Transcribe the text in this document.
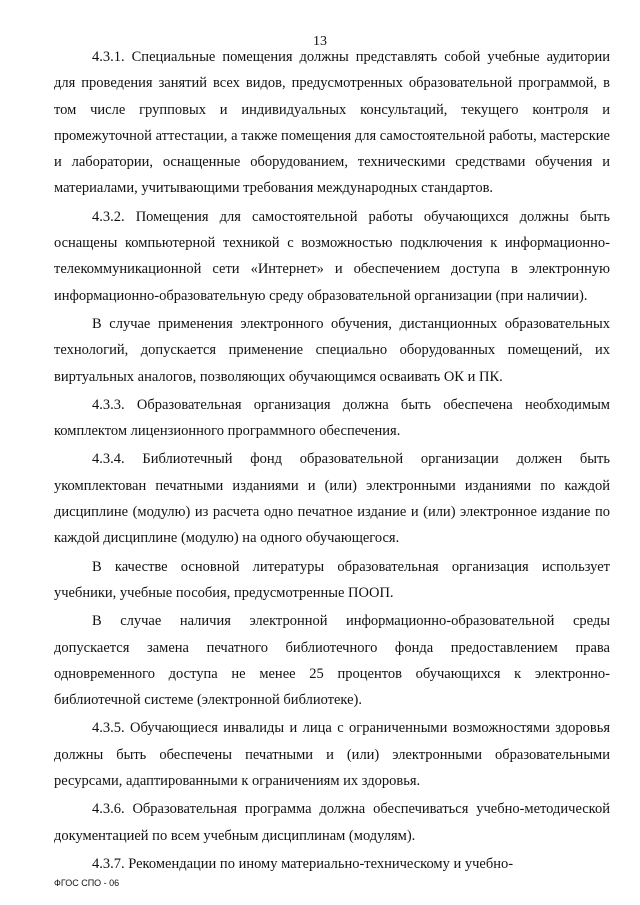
13

4.3.1. Специальные помещения должны представлять собой учебные аудитории для проведения занятий всех видов, предусмотренных образовательной программой, в том числе групповых и индивидуальных консультаций, текущего контроля и промежуточной аттестации, а также помещения для самостоятельной работы, мастерские и лаборатории, оснащенные оборудованием, техническими средствами обучения и материалами, учитывающими требования международных стандартов.

4.3.2. Помещения для самостоятельной работы обучающихся должны быть оснащены компьютерной техникой с возможностью подключения к информационно-телекоммуникационной сети «Интернет» и обеспечением доступа в электронную информационно-образовательную среду образовательной организации (при наличии).

В случае применения электронного обучения, дистанционных образовательных технологий, допускается применение специально оборудованных помещений, их виртуальных аналогов, позволяющих обучающимся осваивать ОК и ПК.

4.3.3. Образовательная организация должна быть обеспечена необходимым комплектом лицензионного программного обеспечения.

4.3.4. Библиотечный фонд образовательной организации должен быть укомплектован печатными изданиями и (или) электронными изданиями по каждой дисциплине (модулю) из расчета одно печатное издание и (или) электронное издание по каждой дисциплине (модулю) на одного обучающегося.

В качестве основной литературы образовательная организация использует учебники, учебные пособия, предусмотренные ПООП.

В случае наличия электронной информационно-образовательной среды допускается замена печатного библиотечного фонда предоставлением права одновременного доступа не менее 25 процентов обучающихся к электронно-библиотечной системе (электронной библиотеке).

4.3.5. Обучающиеся инвалиды и лица с ограниченными возможностями здоровья должны быть обеспечены печатными и (или) электронными образовательными ресурсами, адаптированными к ограничениям их здоровья.

4.3.6. Образовательная программа должна обеспечиваться учебно-методической документацией по всем учебным дисциплинам (модулям).

4.3.7. Рекомендации по иному материально-техническому и учебно-

ФГОС СПО - 06
